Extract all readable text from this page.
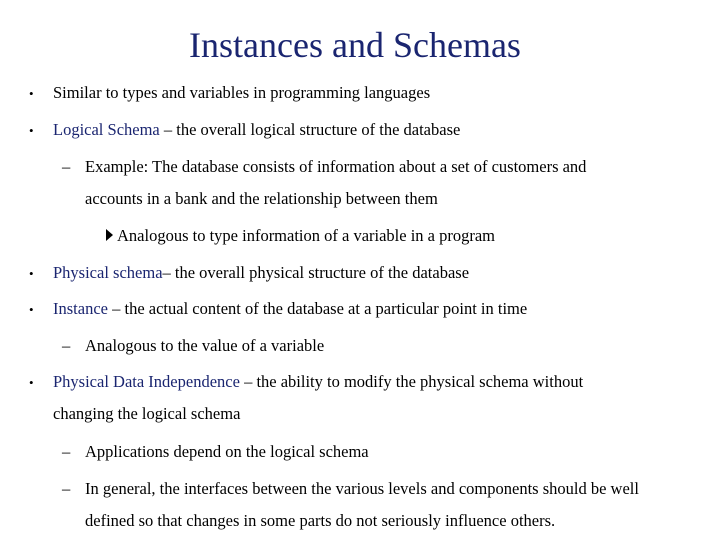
Instances and Schemas
• Similar to types and variables in programming languages
• Logical Schema – the overall logical structure of the database
– Example: The database consists of information about a set of customers and
accounts in a bank and the relationship between them
Analogous to type information of a variable in a program
• Physical schema– the overall physical structure of the database
• Instance – the actual content of the database at a particular point in time
– Analogous to the value of a variable
• Physical Data Independence – the ability to modify the physical schema without
changing the logical schema
– Applications depend on the logical schema
– In general, the interfaces between the various levels and components should be well
defined so that changes in some parts do not seriously influence others.
